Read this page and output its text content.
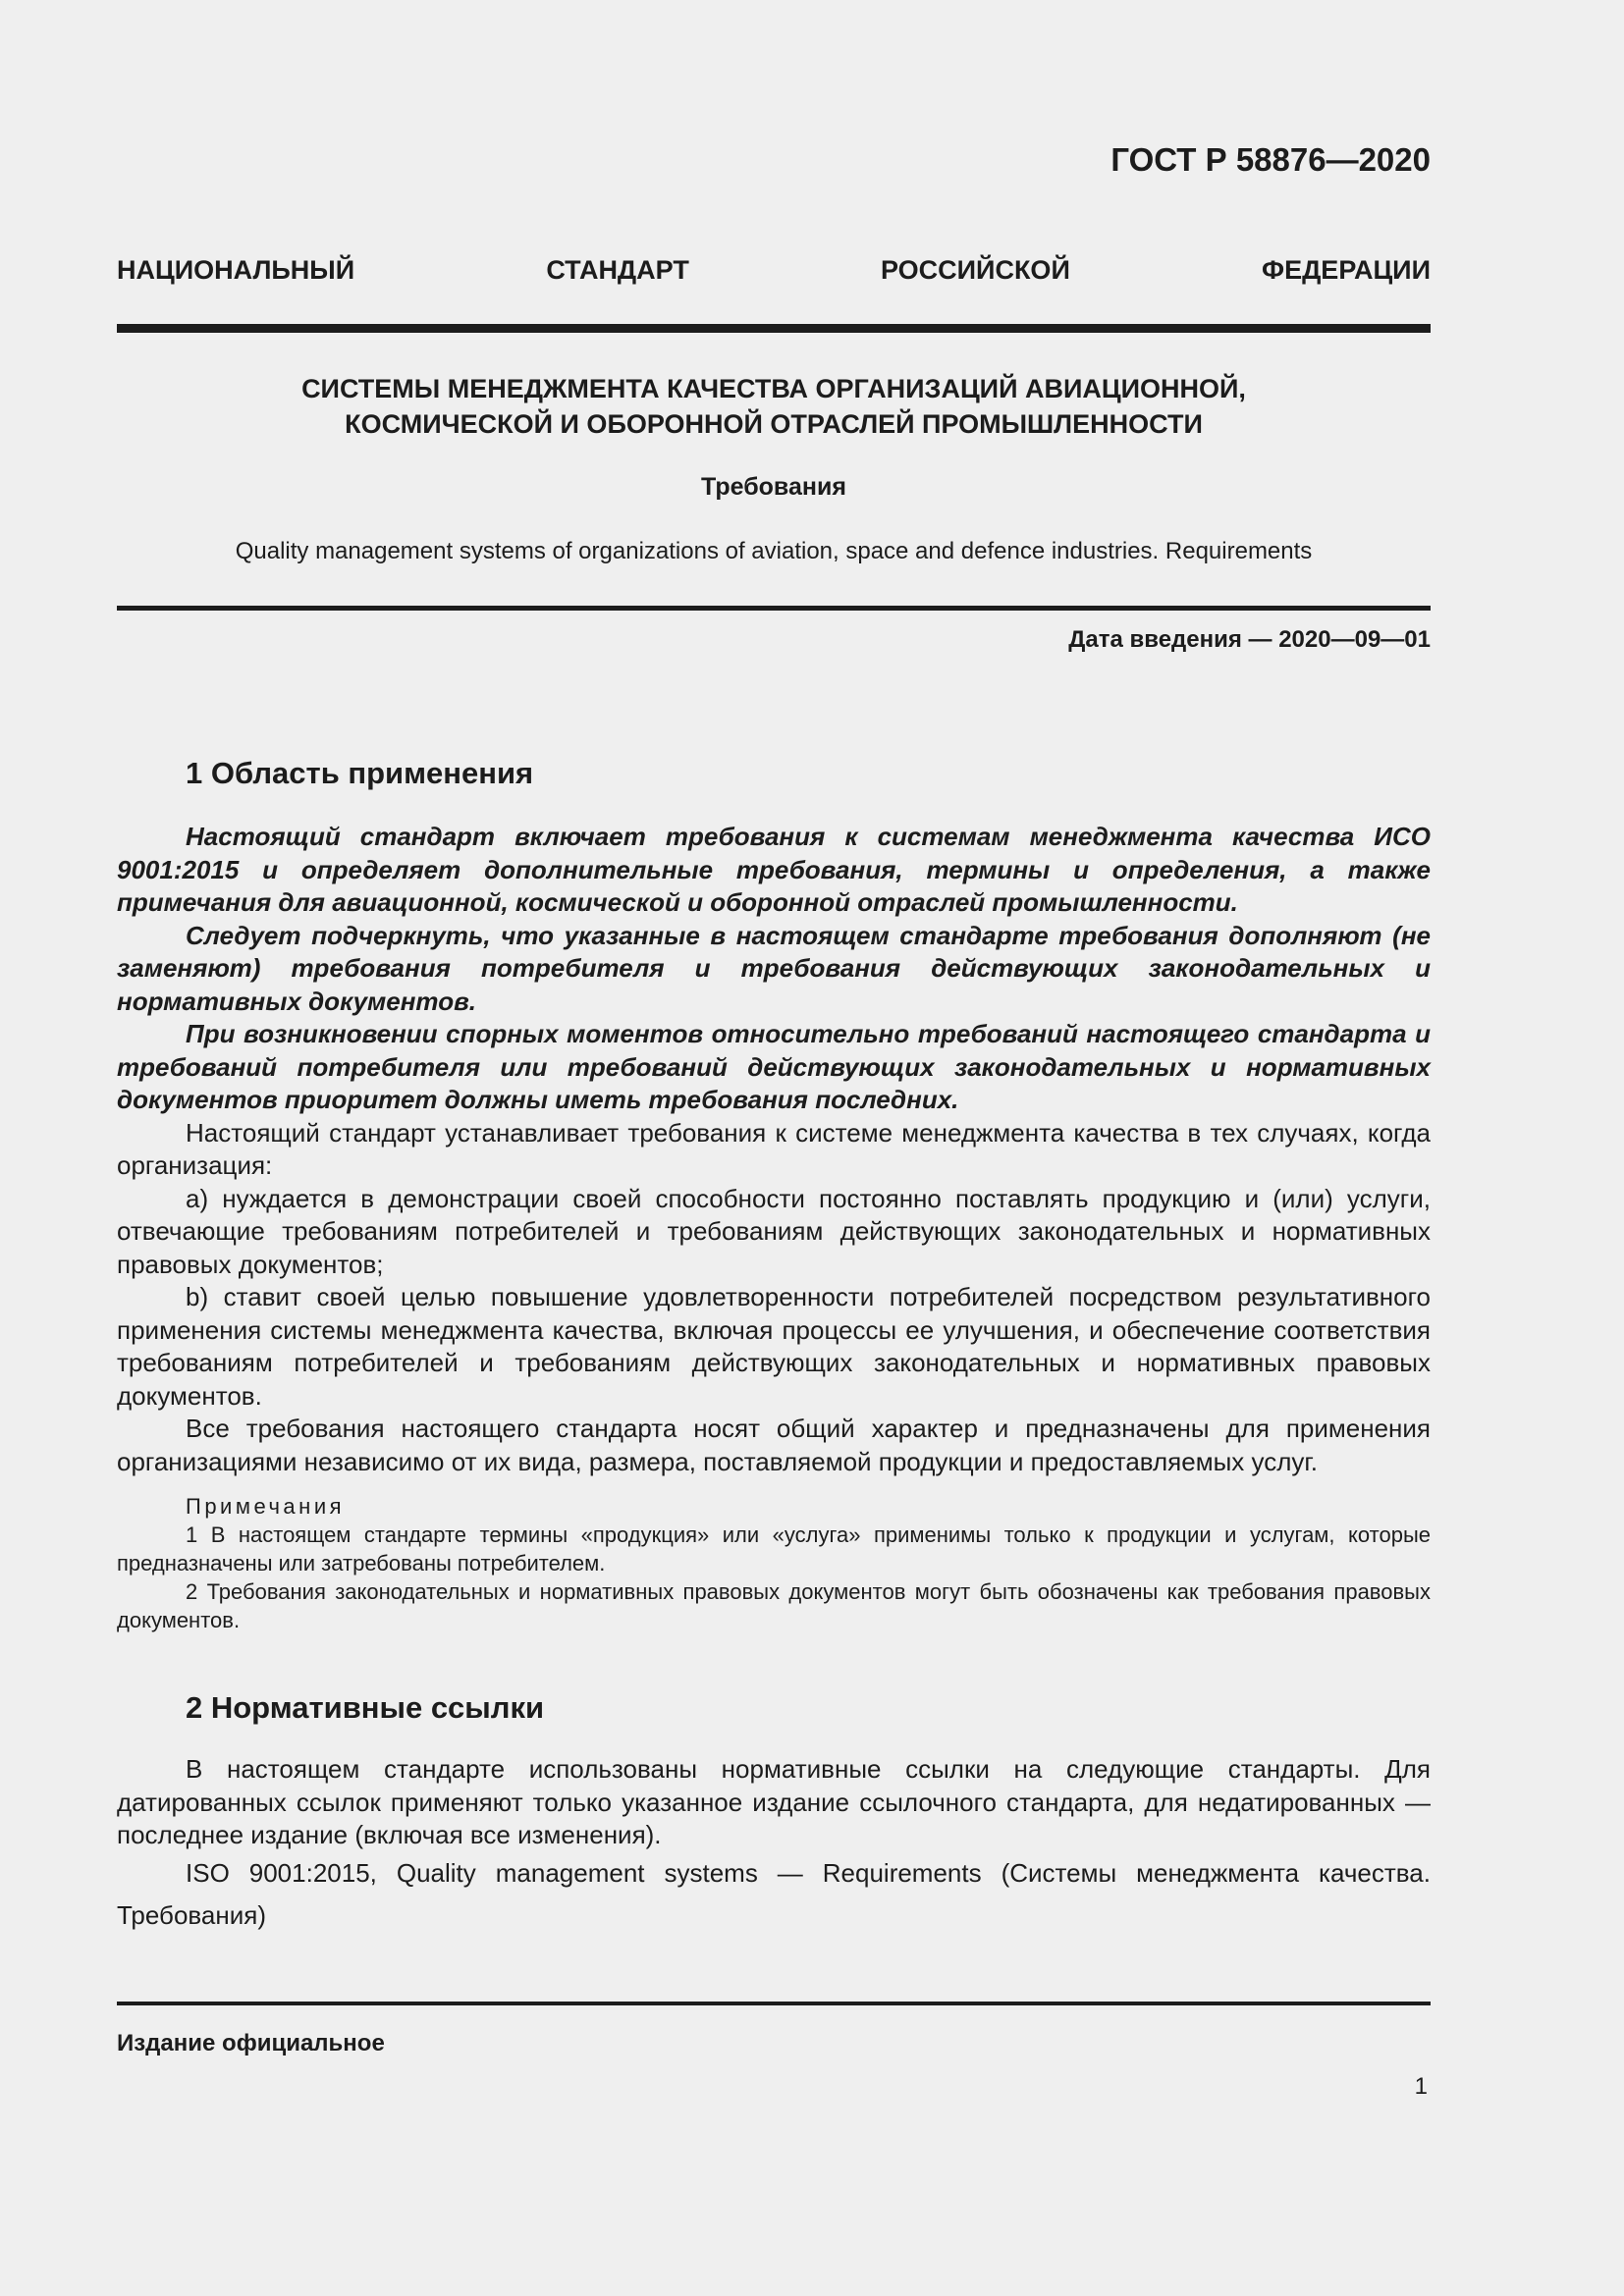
ГОСТ Р 58876—2020
НАЦИОНАЛЬНЫЙ СТАНДАРТ РОССИЙСКОЙ ФЕДЕРАЦИИ
СИСТЕМЫ МЕНЕДЖМЕНТА КАЧЕСТВА ОРГАНИЗАЦИЙ АВИАЦИОННОЙ,
КОСМИЧЕСКОЙ И ОБОРОННОЙ ОТРАСЛЕЙ ПРОМЫШЛЕННОСТИ
Требования
Quality management systems of organizations of aviation, space and defence industries. Requirements
Дата введения — 2020—09—01
1 Область применения

Настоящий стандарт включает требования к системам менеджмента качества ИСО 9001:2015 и определяет дополнительные требования, термины и определения, а также примечания для авиационной, космической и оборонной отраслей промышленности.

Следует подчеркнуть, что указанные в настоящем стандарте требования дополняют (не заменяют) требования потребителя и требования действующих законодательных и нормативных документов.

При возникновении спорных моментов относительно требований настоящего стандарта и требований потребителя или требований действующих законодательных и нормативных документов приоритет должны иметь требования последних.

Настоящий стандарт устанавливает требования к системе менеджмента качества в тех случаях, когда организация:

a) нуждается в демонстрации своей способности постоянно поставлять продукцию и (или) услуги, отвечающие требованиям потребителей и требованиям действующих законодательных и нормативных правовых документов;

b) ставит своей целью повышение удовлетворенности потребителей посредством результативного применения системы менеджмента качества, включая процессы ее улучшения, и обеспечение соответствия требованиям потребителей и требованиям действующих законодательных и нормативных правовых документов.

Все требования настоящего стандарта носят общий характер и предназначены для применения организациями независимо от их вида, размера, поставляемой продукции и предоставляемых услуг.

Примечания

1 В настоящем стандарте термины «продукция» или «услуга» применимы только к продукции и услугам, которые предназначены или затребованы потребителем.

2 Требования законодательных и нормативных правовых документов могут быть обозначены как требования правовых документов.

2 Нормативные ссылки

В настоящем стандарте использованы нормативные ссылки на следующие стандарты. Для датированных ссылок применяют только указанное издание ссылочного стандарта, для недатированных — последнее издание (включая все изменения).

ISO 9001:2015, Quality management systems — Requirements (Системы менеджмента качества. Требования)

Издание официальное
1
